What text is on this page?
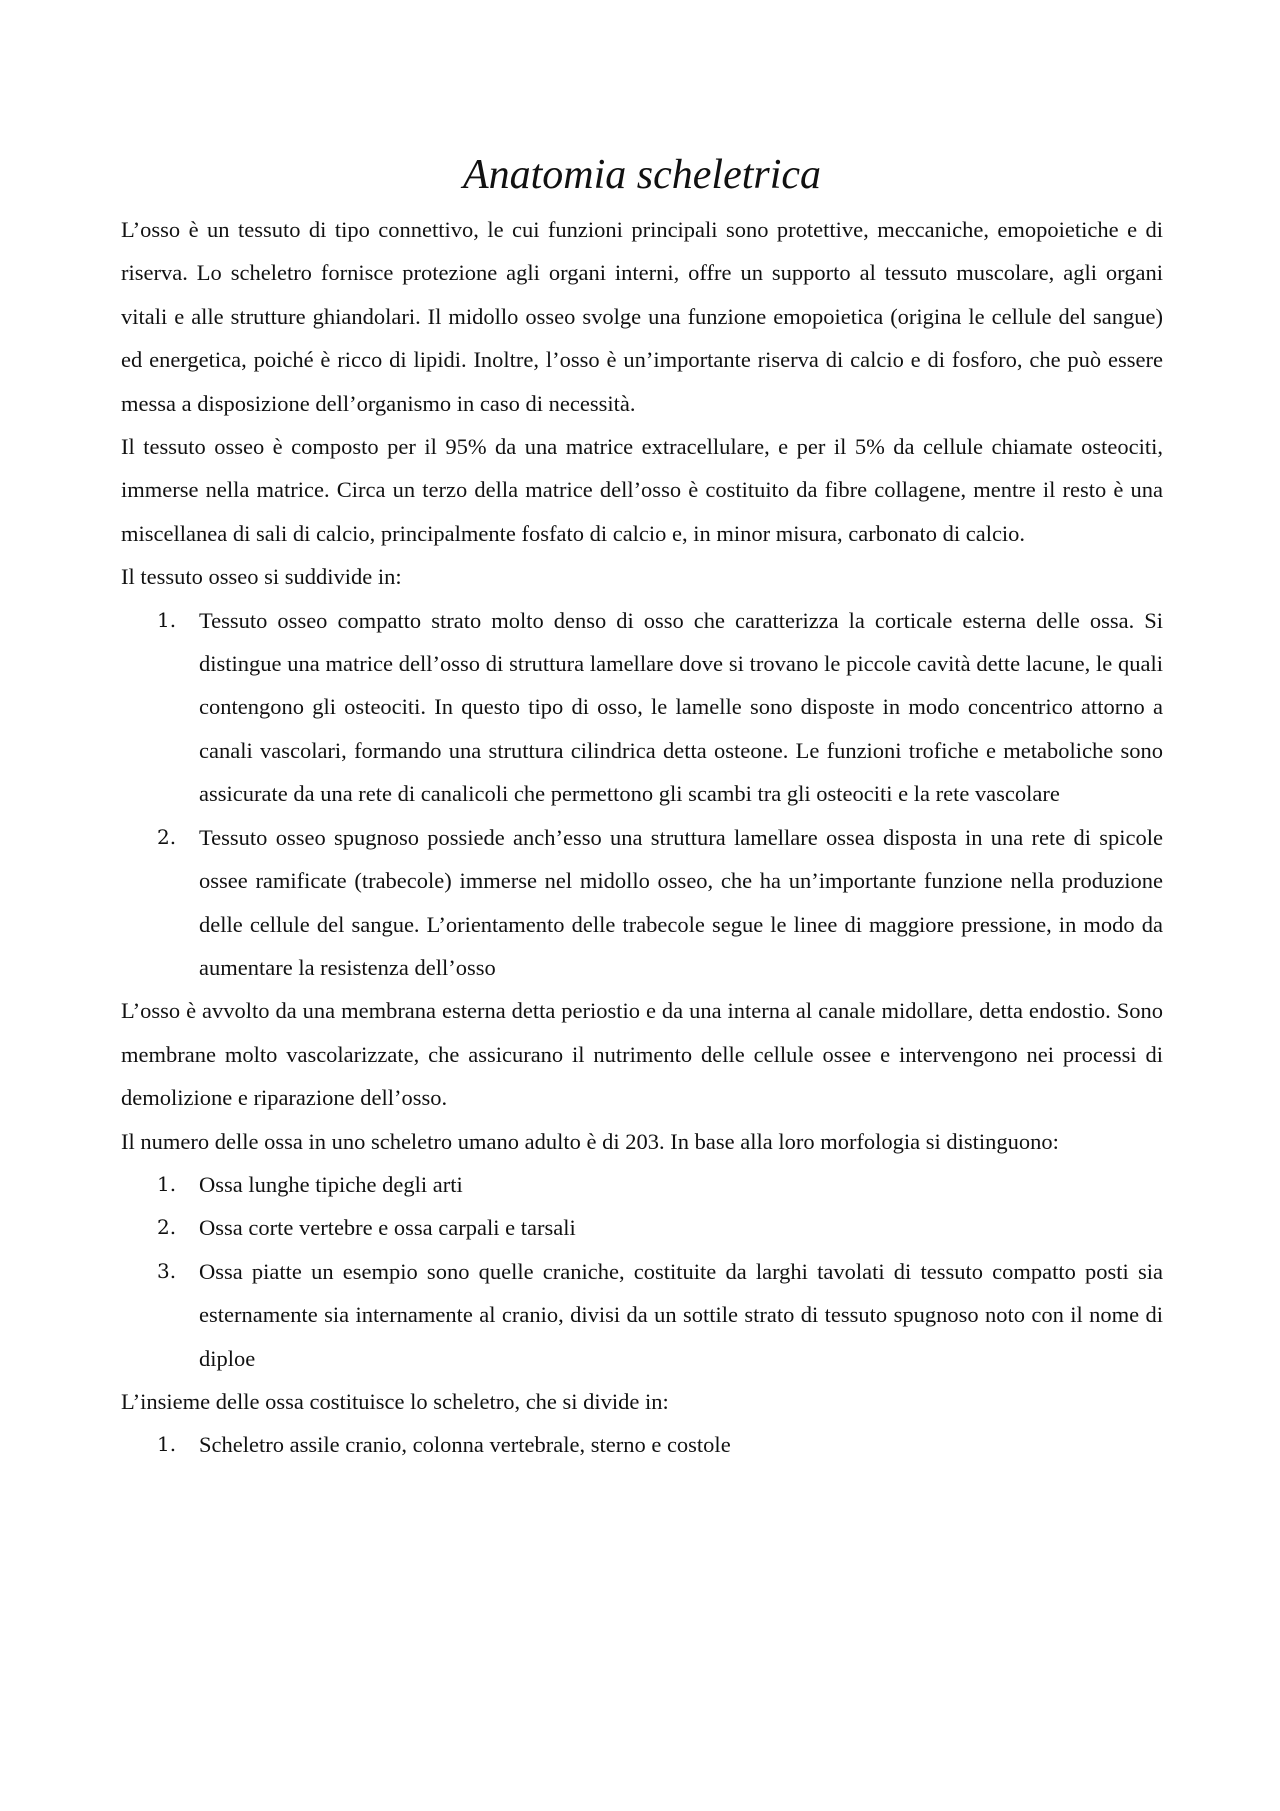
Anatomia scheletrica

L’osso è un tessuto di tipo connettivo, le cui funzioni principali sono protettive, meccaniche, emopoietiche e di riserva. Lo scheletro fornisce protezione agli organi interni, offre un supporto al tessuto muscolare, agli organi vitali e alle strutture ghiandolari. Il midollo osseo svolge una funzione emopoietica (origina le cellule del sangue) ed energetica, poiché è ricco di lipidi. Inoltre, l’osso è un’importante riserva di calcio e di fosforo, che può essere messa a disposizione dell’organismo in caso di necessità.

Il tessuto osseo è composto per il 95% da una matrice extracellulare, e per il 5% da cellule chiamate osteociti, immerse nella matrice. Circa un terzo della matrice dell’osso è costituito da fibre collagene, mentre il resto è una miscellanea di sali di calcio, principalmente fosfato di calcio e, in minor misura, carbonato di calcio.

Il tessuto osseo si suddivide in:

1.	Tessuto osseo compatto strato molto denso di osso che caratterizza la corticale esterna delle ossa. Si distingue una matrice dell’osso di struttura lamellare dove si trovano le piccole cavità dette lacune, le quali contengono gli osteociti. In questo tipo di osso, le lamelle sono disposte in modo concentrico attorno a canali vascolari, formando una struttura cilindrica detta osteone. Le funzioni trofiche e metaboliche sono assicurate da una rete di canalicoli che permettono gli scambi tra gli osteociti e la rete vascolare
2.	Tessuto osseo spugnoso possiede anch’esso una struttura lamellare ossea disposta in una rete di spicole ossee ramificate (trabecole) immerse nel midollo osseo, che ha un’importante funzione nella produzione delle cellule del sangue. L’orientamento delle trabecole segue le linee di maggiore pressione, in modo da aumentare la resistenza dell’osso

L’osso è avvolto da una membrana esterna detta periostio e da una interna al canale midollare, detta endostio. Sono membrane molto vascolarizzate, che assicurano il nutrimento delle cellule ossee e intervengono nei processi di demolizione e riparazione dell’osso.

Il numero delle ossa in uno scheletro umano adulto è di 203. In base alla loro morfologia si distinguono:

1.	Ossa lunghe tipiche degli arti
2.	Ossa corte vertebre e ossa carpali e tarsali
3.	Ossa piatte un esempio sono quelle craniche, costituite da larghi tavolati di tessuto compatto posti sia esternamente sia internamente al cranio, divisi da un sottile strato di tessuto spugnoso noto con il nome di diploe

L’insieme delle ossa costituisce lo scheletro, che si divide in:

1.	Scheletro assile cranio, colonna vertebrale, sterno e costole
